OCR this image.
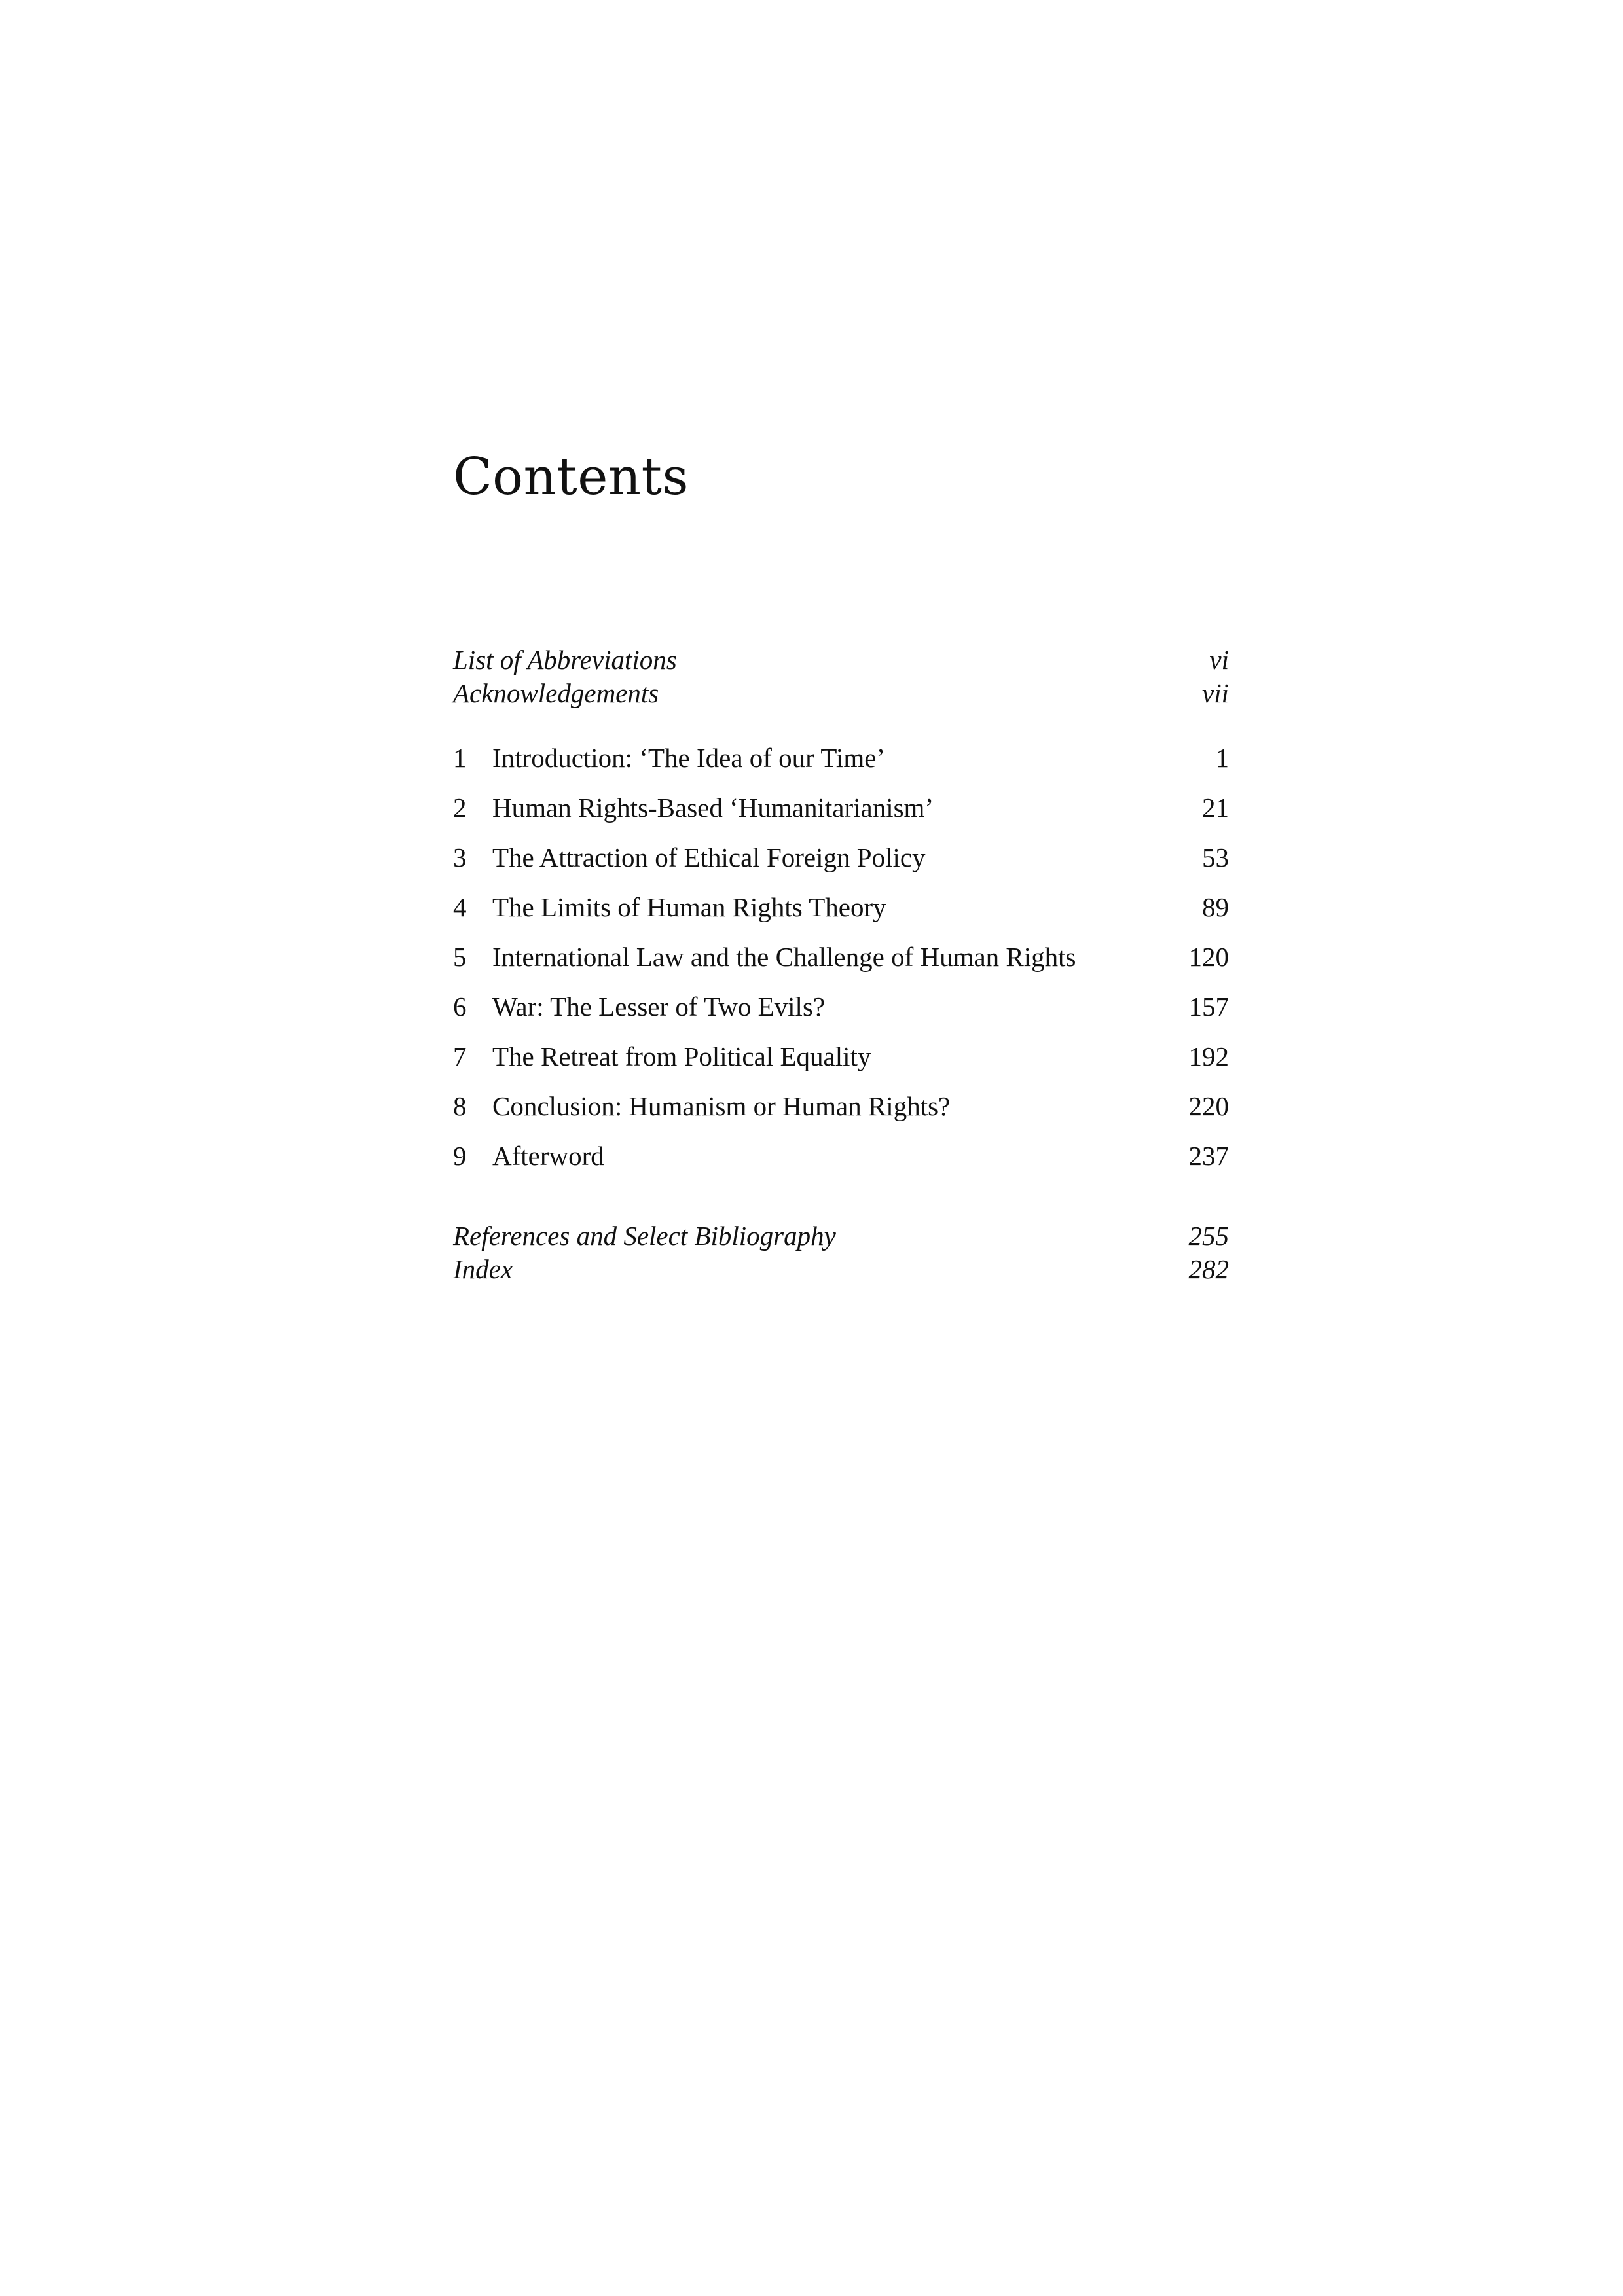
Contents
List of Abbreviations	vi
Acknowledgements	vii
1 Introduction: ‘The Idea of our Time’	1
2 Human Rights-Based ‘Humanitarianism’	21
3 The Attraction of Ethical Foreign Policy	53
4 The Limits of Human Rights Theory	89
5 International Law and the Challenge of Human Rights	120
6 War: The Lesser of Two Evils?	157
7 The Retreat from Political Equality	192
8 Conclusion: Humanism or Human Rights?	220
9 Afterword	237
References and Select Bibliography	255
Index	282
